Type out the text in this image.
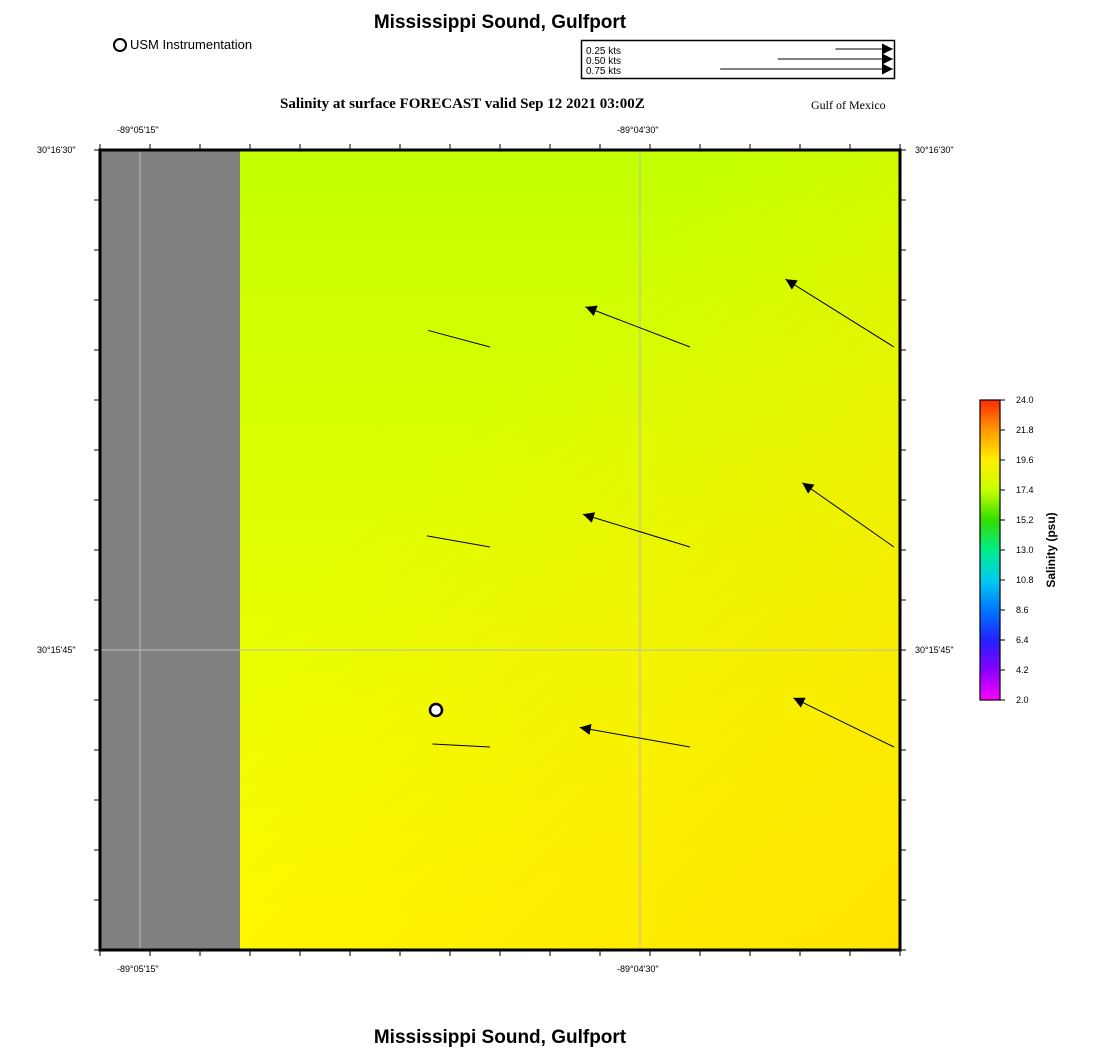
Mississippi Sound, Gulfport
USM Instrumentation	0.25 kts
0.50 kts
0.75 kts
Salinity at surface FORECAST valid Sep 12 2021 03:00Z	Gulf of Mexico
-89°05'15"	-89°04'30"
-89°05'15"	-89°04'30"
30°16'30"
30°15'45"
30°16'30"
30°15'45"
24.0
21.8
19.6
17.4
15.2
13.0
10.8
8.6
6.4
4.2
2.0
Salinity (psu)
Mississippi Sound, Gulfport
